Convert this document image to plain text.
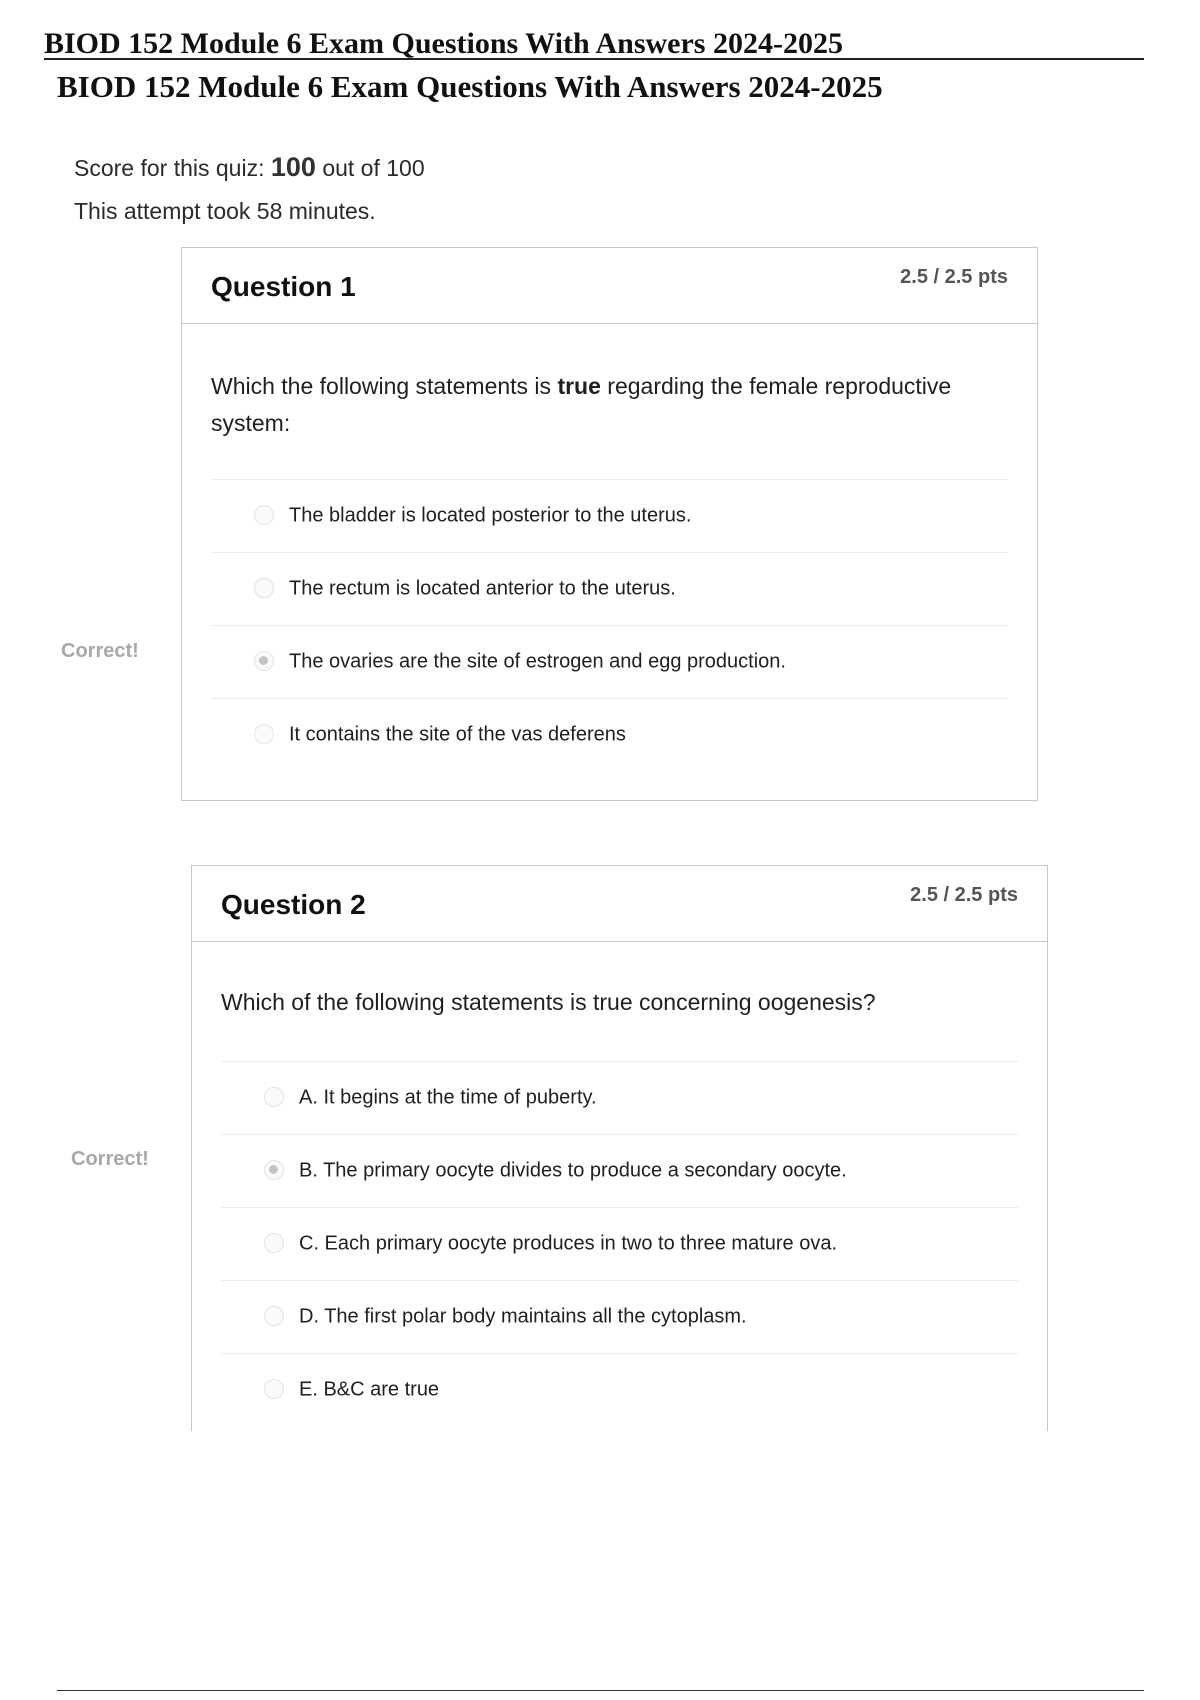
BIOD 152 Module 6 Exam Questions With Answers 2024-2025
BIOD 152 Module 6 Exam Questions With Answers 2024-2025
Score for this quiz: 100 out of 100
This attempt took 58 minutes.
Question 1	2.5 / 2.5 pts
Which the following statements is true regarding the female reproductive system:
The bladder is located posterior to the uterus.
The rectum is located anterior to the uterus.
The ovaries are the site of estrogen and egg production.
It contains the site of the vas deferens
Correct!
Question 2	2.5 / 2.5 pts
Which of the following statements is true concerning oogenesis?
A. It begins at the time of puberty.
B. The primary oocyte divides to produce a secondary oocyte.
C. Each primary oocyte produces in two to three mature ova.
D. The first polar body maintains all the cytoplasm.
E. B&C are true
Correct!
